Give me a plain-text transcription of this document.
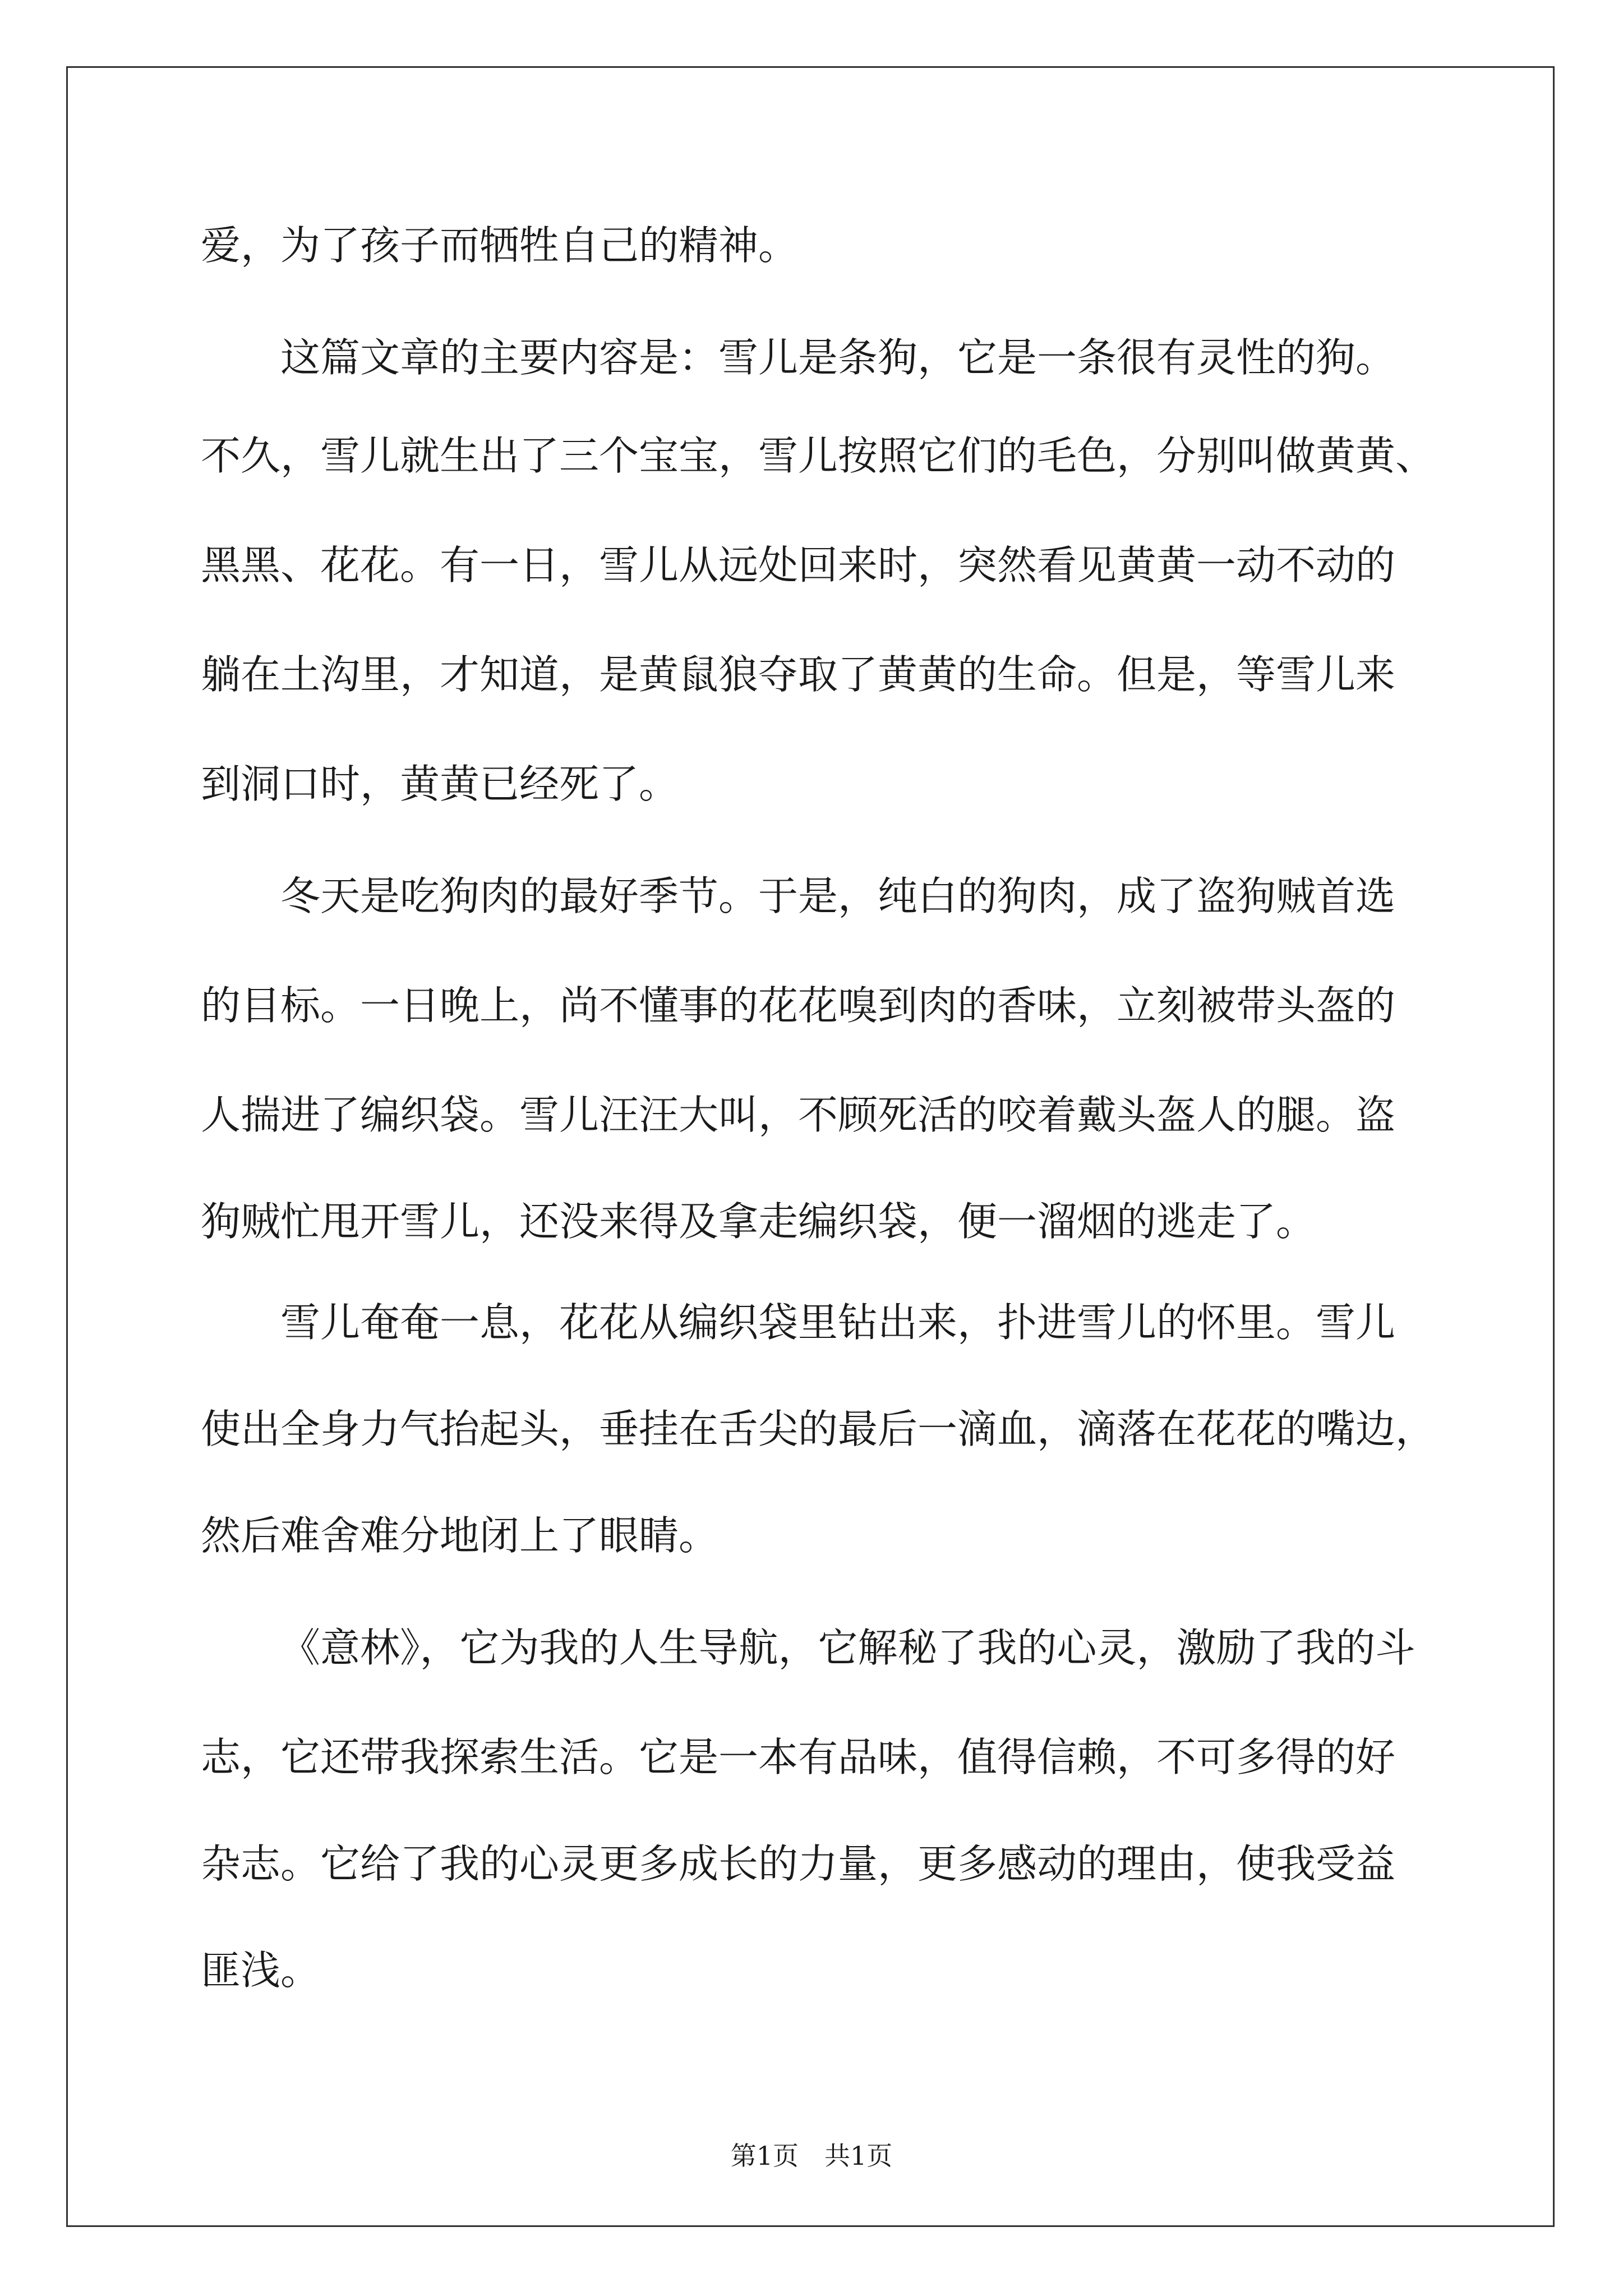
爱，为了孩子而牺牲自己的精神。
这篇文章的主要内容是：雪儿是条狗，它是一条很有灵性的狗。
不久，雪儿就生出了三个宝宝，雪儿按照它们的毛色，分别叫做黄黄、
黑黑、花花。有一日，雪儿从远处回来时，突然看见黄黄一动不动的
躺在土沟里，才知道，是黄鼠狼夺取了黄黄的生命。但是，等雪儿来
到洞口时，黄黄已经死了。
冬天是吃狗肉的最好季节。于是，纯白的狗肉，成了盗狗贼首选
的目标。一日晚上，尚不懂事的花花嗅到肉的香味，立刻被带头盔的
人揣进了编织袋。雪儿汪汪大叫，不顾死活的咬着戴头盔人的腿。盗
狗贼忙甩开雪儿，还没来得及拿走编织袋，便一溜烟的逃走了。
雪儿奄奄一息，花花从编织袋里钻出来，扑进雪儿的怀里。雪儿
使出全身力气抬起头，垂挂在舌尖的最后一滴血，滴落在花花的嘴边，
然后难舍难分地闭上了眼睛。
《意林》，它为我的人生导航，它解秘了我的心灵，激励了我的斗
志，它还带我探索生活。它是一本有品味，值得信赖，不可多得的好
杂志。它给了我的心灵更多成长的力量，更多感动的理由，使我受益
匪浅。
第1页　共1页
